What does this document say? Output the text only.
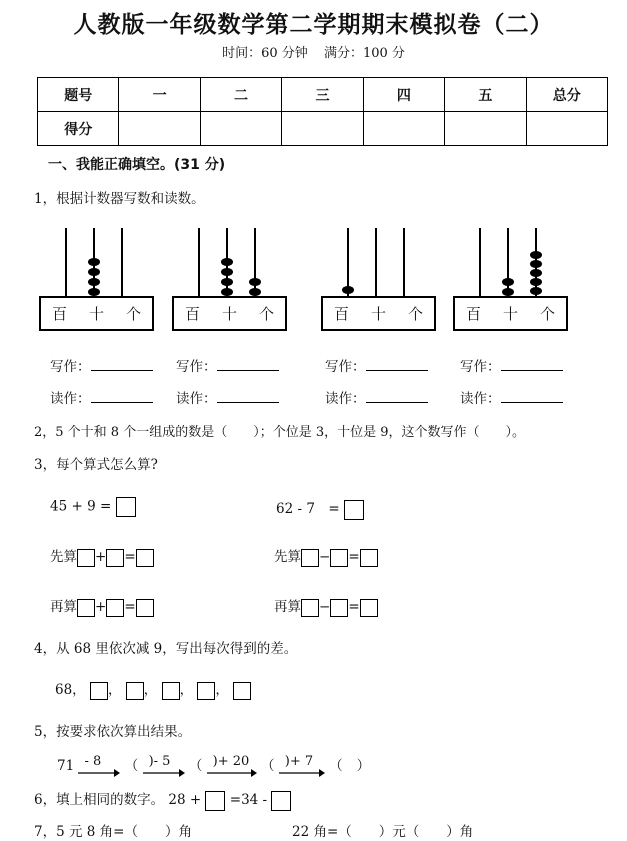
人教版一年级数学第二学期期末模拟卷（二）
时间：60 分钟 满分：100 分
题号	一	二	三	四	五	总分
得分						
一、我能正确填空。(31 分)
1，根据计数器写数和读数。
百 十 个	百 十 个	百 十 个	百 十 个
写作：	写作：	写作：	写作：
读作：	读作：	读作：	读作：
2，5 个十和 8 个一组成的数是（　　）；个位是 3，十位是 9，这个数写作（　　）。
3，每个算式怎么算?
45 + 9 =	62 - 7　=
先算 + =	先算 − =
再算 + =	再算 − =
4，从 68 里依次减 9，写出每次得到的差。
68， ， ， ， ，
5，按要求依次算出结果。
71 - 8 （ )- 5 （ )+ 20 （ )+ 7 （ ）
6，填上相同的数字。 28 + =34 -
7，5 元 8 角=（　　）角	22 角=（　　）元（　　）角
